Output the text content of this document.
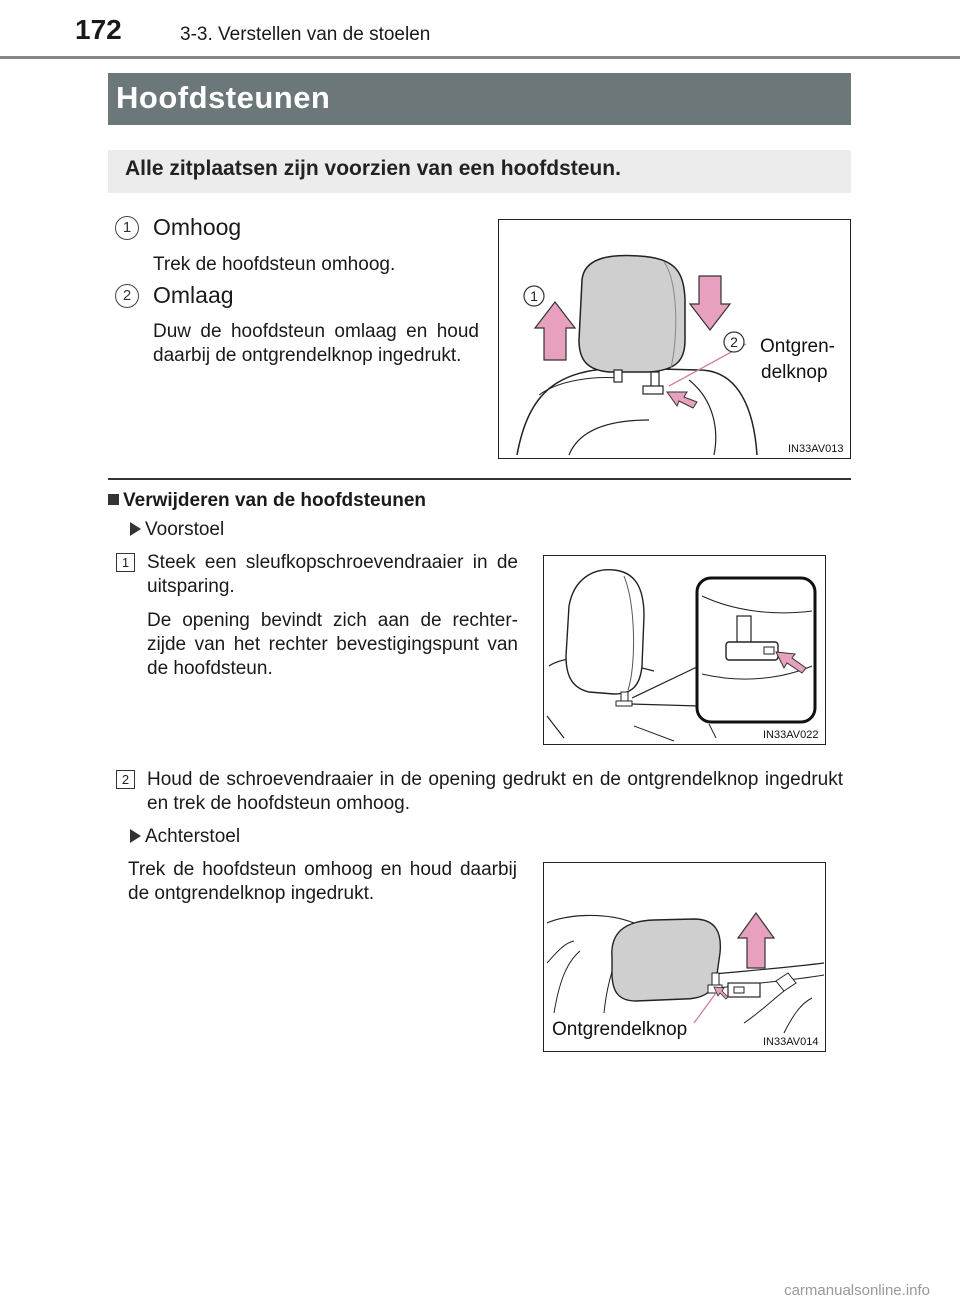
172	3-3. Verstellen van de stoelen
Hoofdsteunen
Alle zitplaatsen zijn voorzien van een hoofdsteun.
1 Omhoog
Trek de hoofdsteun omhoog.
2 Omlaag
Duw de hoofdsteun omlaag en houd daarbij de ontgrendelknop ingedrukt.
1
2 Ontgren-
delknop
IN33AV013
Verwijderen van de hoofdsteunen
Voorstoel
1 Steek een sleufkopschroevendraaier in de uitsparing.
De opening bevindt zich aan de rechter-zijde van het rechter bevestigingspunt van de hoofdsteun.
IN33AV022
2 Houd de schroevendraaier in de opening gedrukt en de ontgrendelknop ingedrukt en trek de hoofdsteun omhoog.
Achterstoel
Trek de hoofdsteun omhoog en houd daarbij de ontgrendelknop ingedrukt.
Ontgrendelknop
IN33AV014
carmanualsonline.info
